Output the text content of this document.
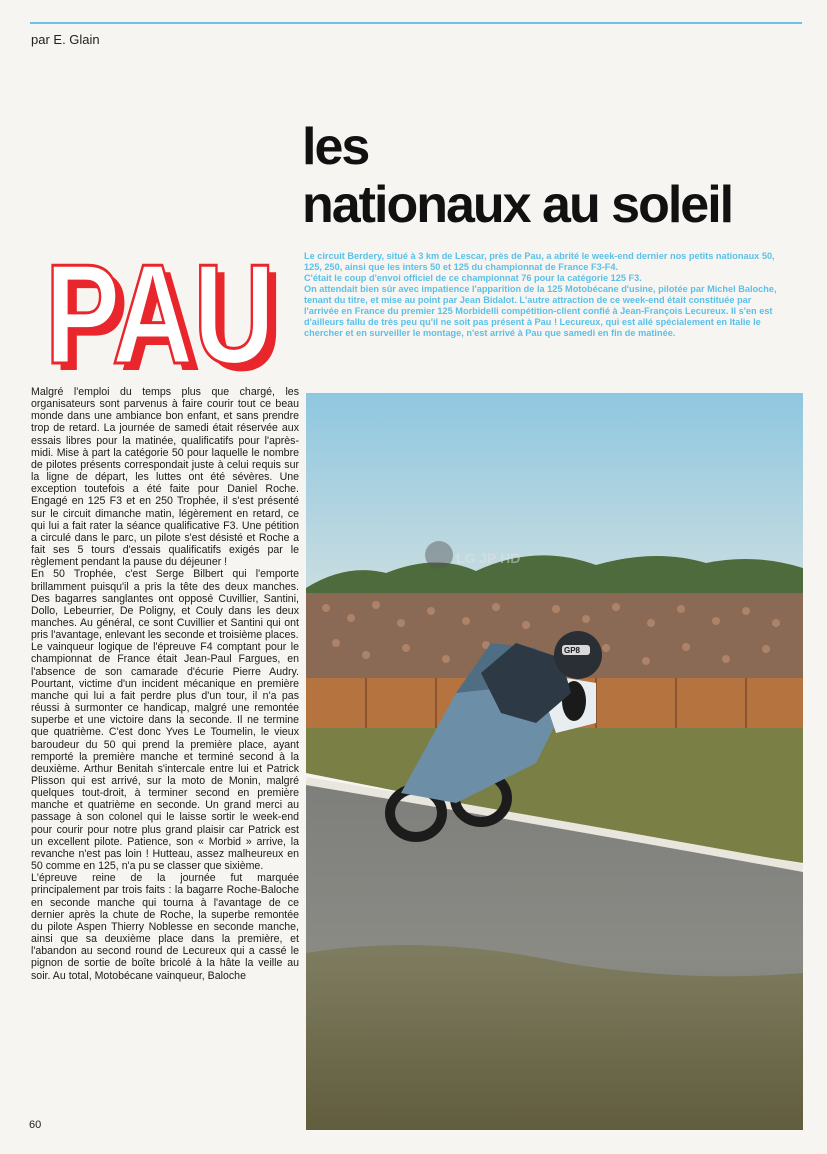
par E. Glain
les
nationaux au soleil
PAU
PAU	Le circuit Berdery, situé à 3 km de Lescar, près de Pau, a abrité le week-end dernier nos petits nationaux 50, 125, 250, ainsi que les inters 50 et 125 du championnat de France F3-F4.

C'était le coup d'envoi officiel de ce championnat 76 pour la catégorie 125 F3.

On attendait bien sûr avec impatience l'apparition de la 125 Motobécane d'usine, pilotée par Michel Baloche, tenant du titre, et mise au point par Jean Bidalot. L'autre attraction de ce week-end était constituée par l'arrivée en France du premier 125 Morbidelli compétition-client confié à Jean-François Lecureux. Il s'en est d'ailleurs fallu de très peu qu'il ne soit pas présent à Pau ! Lecureux, qui est allé spécialement en Italie le chercher et en surveiller le montage, n'est arrivé à Pau que samedi en fin de matinée.

Malgré l'emploi du temps plus que chargé, les organisateurs sont parvenus à faire courir tout ce beau monde dans une ambiance bon enfant, et sans prendre trop de retard. La journée de samedi était réservée aux essais libres pour la matinée, qualificatifs pour l'après-midi. Mise à part la catégorie 50 pour laquelle le nombre de pilotes présents correspondait juste à celui requis sur la ligne de départ, les luttes ont été sévères. Une exception toutefois a été faite pour Daniel Roche. Engagé en 125 F3 et en 250 Trophée, il s'est présenté sur le circuit dimanche matin, légèrement en retard, ce qui lui a fait rater la séance qualificative F3. Une pétition a circulé dans le parc, un pilote s'est désisté et Roche a fait ses 5 tours d'essais qualificatifs exigés par le règlement pendant la pause du déjeuner !

En 50 Trophée, c'est Serge Bilbert qui l'emporte brillamment puisqu'il a pris la tête des deux manches. Des bagarres sanglantes ont opposé Cuvillier, Santini, Dollo, Lebeurrier, De Poligny, et Couly dans les deux manches. Au général, ce sont Cuvillier et Santini qui ont pris l'avantage, enlevant les seconde et troisième places.

Le vainqueur logique de l'épreuve F4 comptant pour le championnat de France était Jean-Paul Fargues, en l'absence de son camarade d'écurie Pierre Audry. Pourtant, victime d'un incident mécanique en première manche qui lui a fait perdre plus d'un tour, il n'a pas réussi à surmonter ce handicap, malgré une remontée superbe et une victoire dans la seconde. Il ne termine que quatrième. C'est donc Yves Le Toumelin, le vieux baroudeur du 50 qui prend la première place, ayant remporté la première manche et terminé second à la deuxième. Arthur Benitah s'intercale entre lui et Patrick Plisson qui est arrivé, sur la moto de Monin, malgré quelques tout-droit, à terminer second en première manche et quatrième en seconde. Un grand merci au passage à son colonel qui le laisse sortir le week-end pour courir pour notre plus grand plaisir car Patrick est un excellent pilote. Patience, son « Morbid » arrive, la revanche n'est pas loin ! Hutteau, assez malheureux en 50 comme en 125, n'a pu se classer que sixième.

L'épreuve reine de la journée fut marquée principalement par trois faits : la bagarre Roche-Baloche en seconde manche qui tourna à l'avantage de ce dernier après la chute de Roche, la superbe remontée du pilote Aspen Thierry Noblesse en seconde manche, ainsi que sa deuxième place dans la première, et l'abandon au second round de Lecureux qui a cassé le pignon de sortie de boîte bricolé à la hâte la veille au soir. Au total, Motobécane vainqueur, Baloche

60
GP8
LG JP HD
